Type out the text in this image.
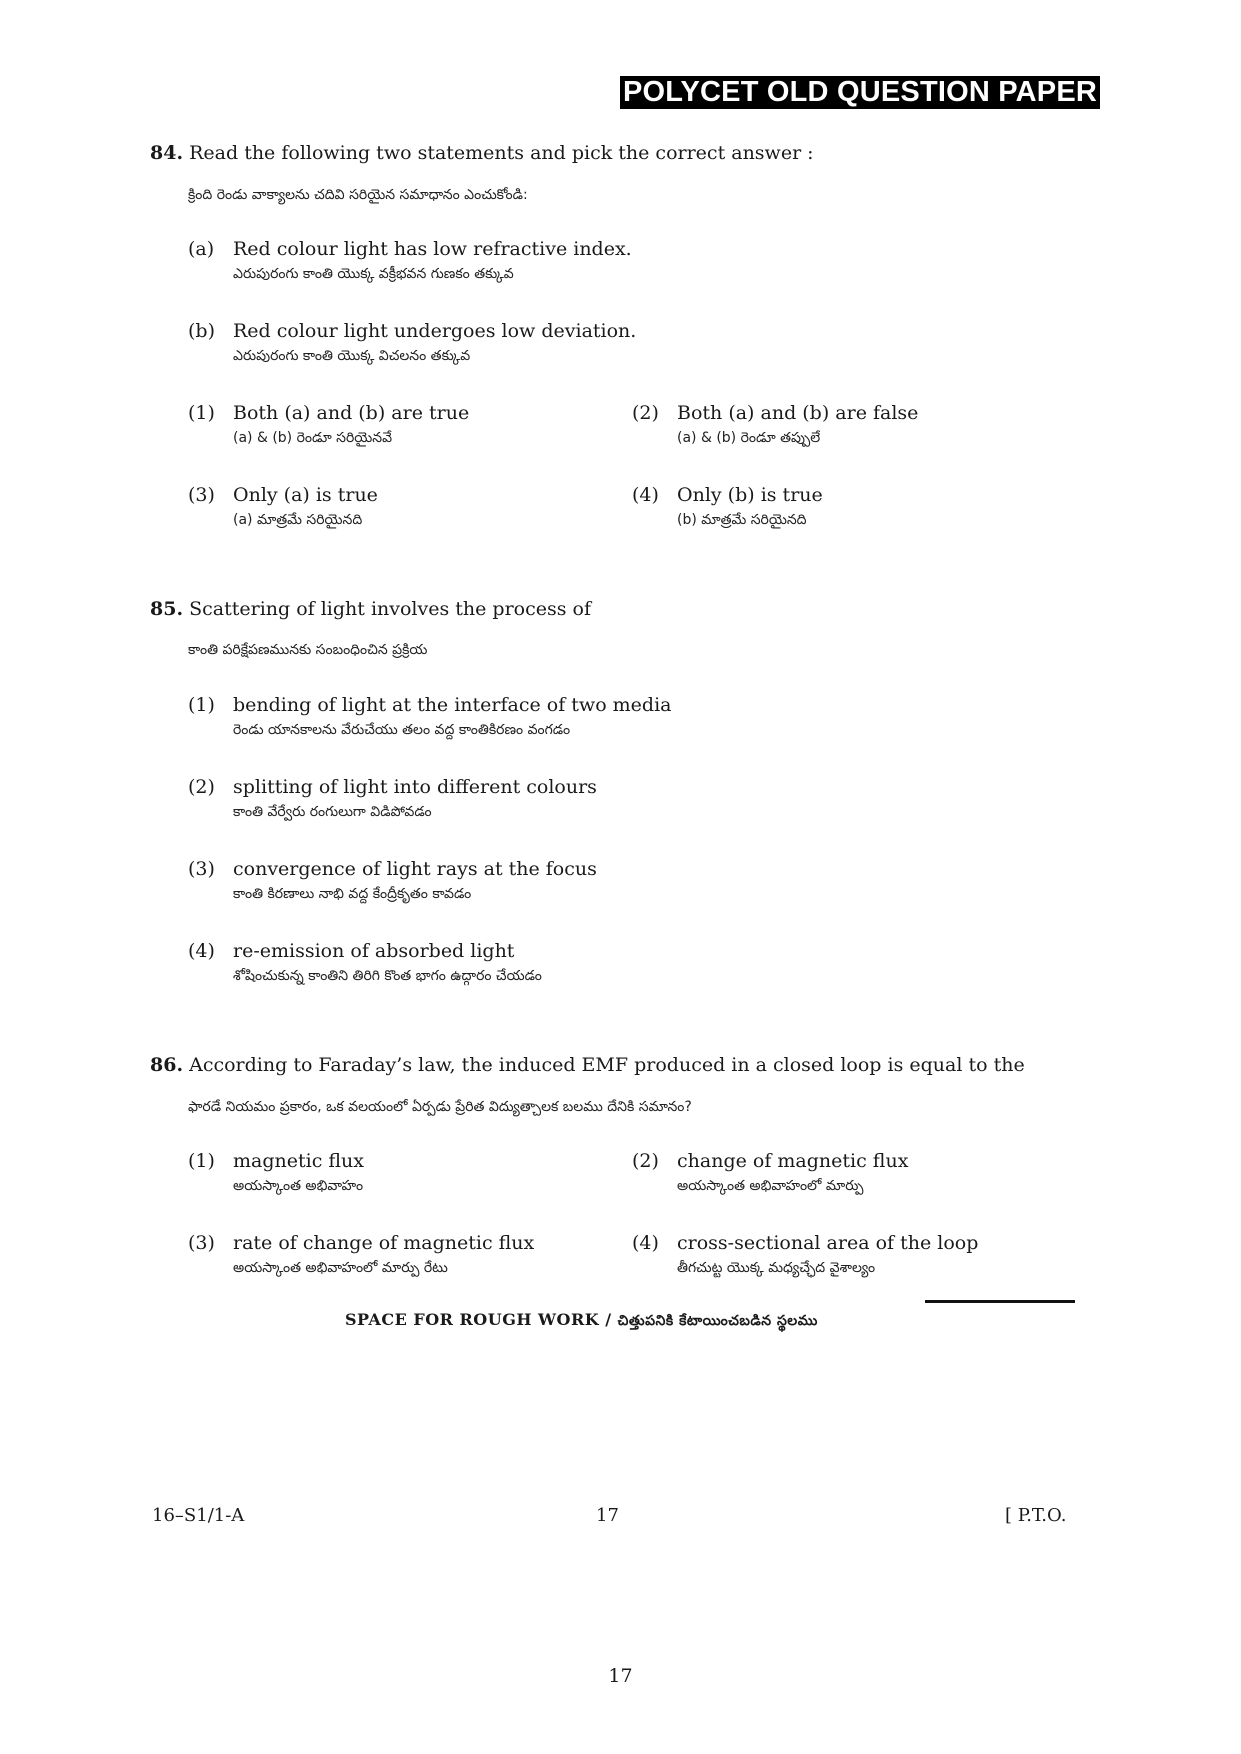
POLYCET OLD QUESTION PAPER
84. Read the following two statements and pick the correct answer :
క్రింది రెండు వాక్యాలను చదివి సరియైన సమాధానం ఎంచుకోండి:
(a) Red colour light has low refractive index.
ఎరుపురంగు కాంతి యొక్క వక్రీభవన గుణకం తక్కువ
(b) Red colour light undergoes low deviation.
ఎరుపురంగు కాంతి యొక్క విచలనం తక్కువ
(1) Both (a) and (b) are true
(a) & (b) రెండూ సరియైనవే
(2) Both (a) and (b) are false
(a) & (b) రెండూ తప్పులే
(3) Only (a) is true
(a) మాత్రమే సరియైనది
(4) Only (b) is true
(b) మాత్రమే సరియైనది
85. Scattering of light involves the process of
కాంతి పరిక్షేపణమునకు సంబంధించిన ప్రక్రియ
(1) bending of light at the interface of two media
రెండు యానకాలను వేరుచేయు తలం వద్ద కాంతికిరణం వంగడం
(2) splitting of light into different colours
కాంతి వేర్వేరు రంగులుగా విడిపోవడం
(3) convergence of light rays at the focus
కాంతి కిరణాలు నాభి వద్ద కేంద్రీకృతం కావడం
(4) re-emission of absorbed light
శోషించుకున్న కాంతిని తిరిగి కొంత భాగం ఉద్గారం చేయడం
86. According to Faraday’s law, the induced EMF produced in a closed loop is equal to the
ఫారడే నియమం ప్రకారం, ఒక వలయంలో ఏర్పడు ప్రేరిత విద్యుత్చాలక బలము దేనికి సమానం?
(1) magnetic flux
అయస్కాంత అభివాహం
(2) change of magnetic flux
అయస్కాంత అభివాహంలో మార్పు
(3) rate of change of magnetic flux
అయస్కాంత అభివాహంలో మార్పు రేటు
(4) cross-sectional area of the loop
తీగచుట్ట యొక్క మధ్యచ్ఛేద వైశాల్యం
SPACE FOR ROUGH WORK / చిత్తుపనికి కేటాయించబడిన స్థలము
16–S1/1-A	17	[ P.T.O.
17
